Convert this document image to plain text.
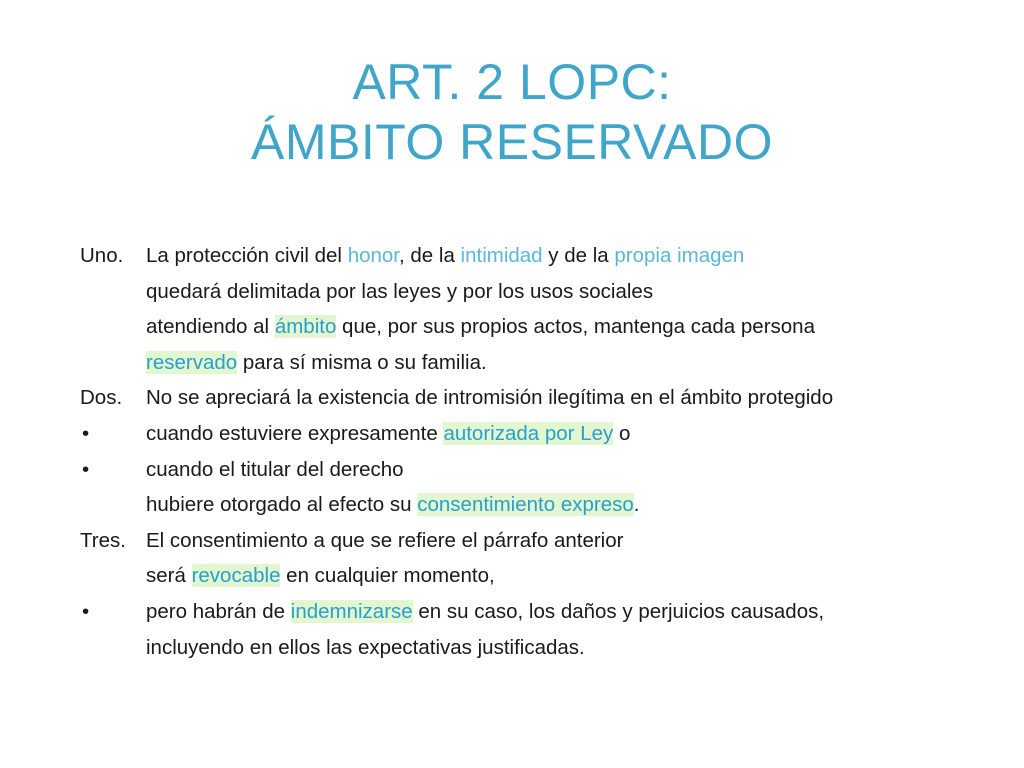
ART. 2 LOPC:
ÁMBITO RESERVADO
Uno.	La protección civil del honor, de la intimidad y de la propia imagen
quedará delimitada por las leyes y por los usos sociales
atendiendo al ámbito que, por sus propios actos, mantenga cada persona
reservado para sí misma o su familia.
Dos.	No se apreciará la existencia de intromisión ilegítima en el ámbito protegido
•	cuando estuviere expresamente autorizada por Ley o
•	cuando el titular del derecho
hubiere otorgado al efecto su consentimiento expreso.
Tres. El consentimiento a que se refiere el párrafo anterior
será revocable en cualquier momento,
•	pero habrán de indemnizarse en su caso, los daños y perjuicios causados,
incluyendo en ellos las expectativas justificadas.
